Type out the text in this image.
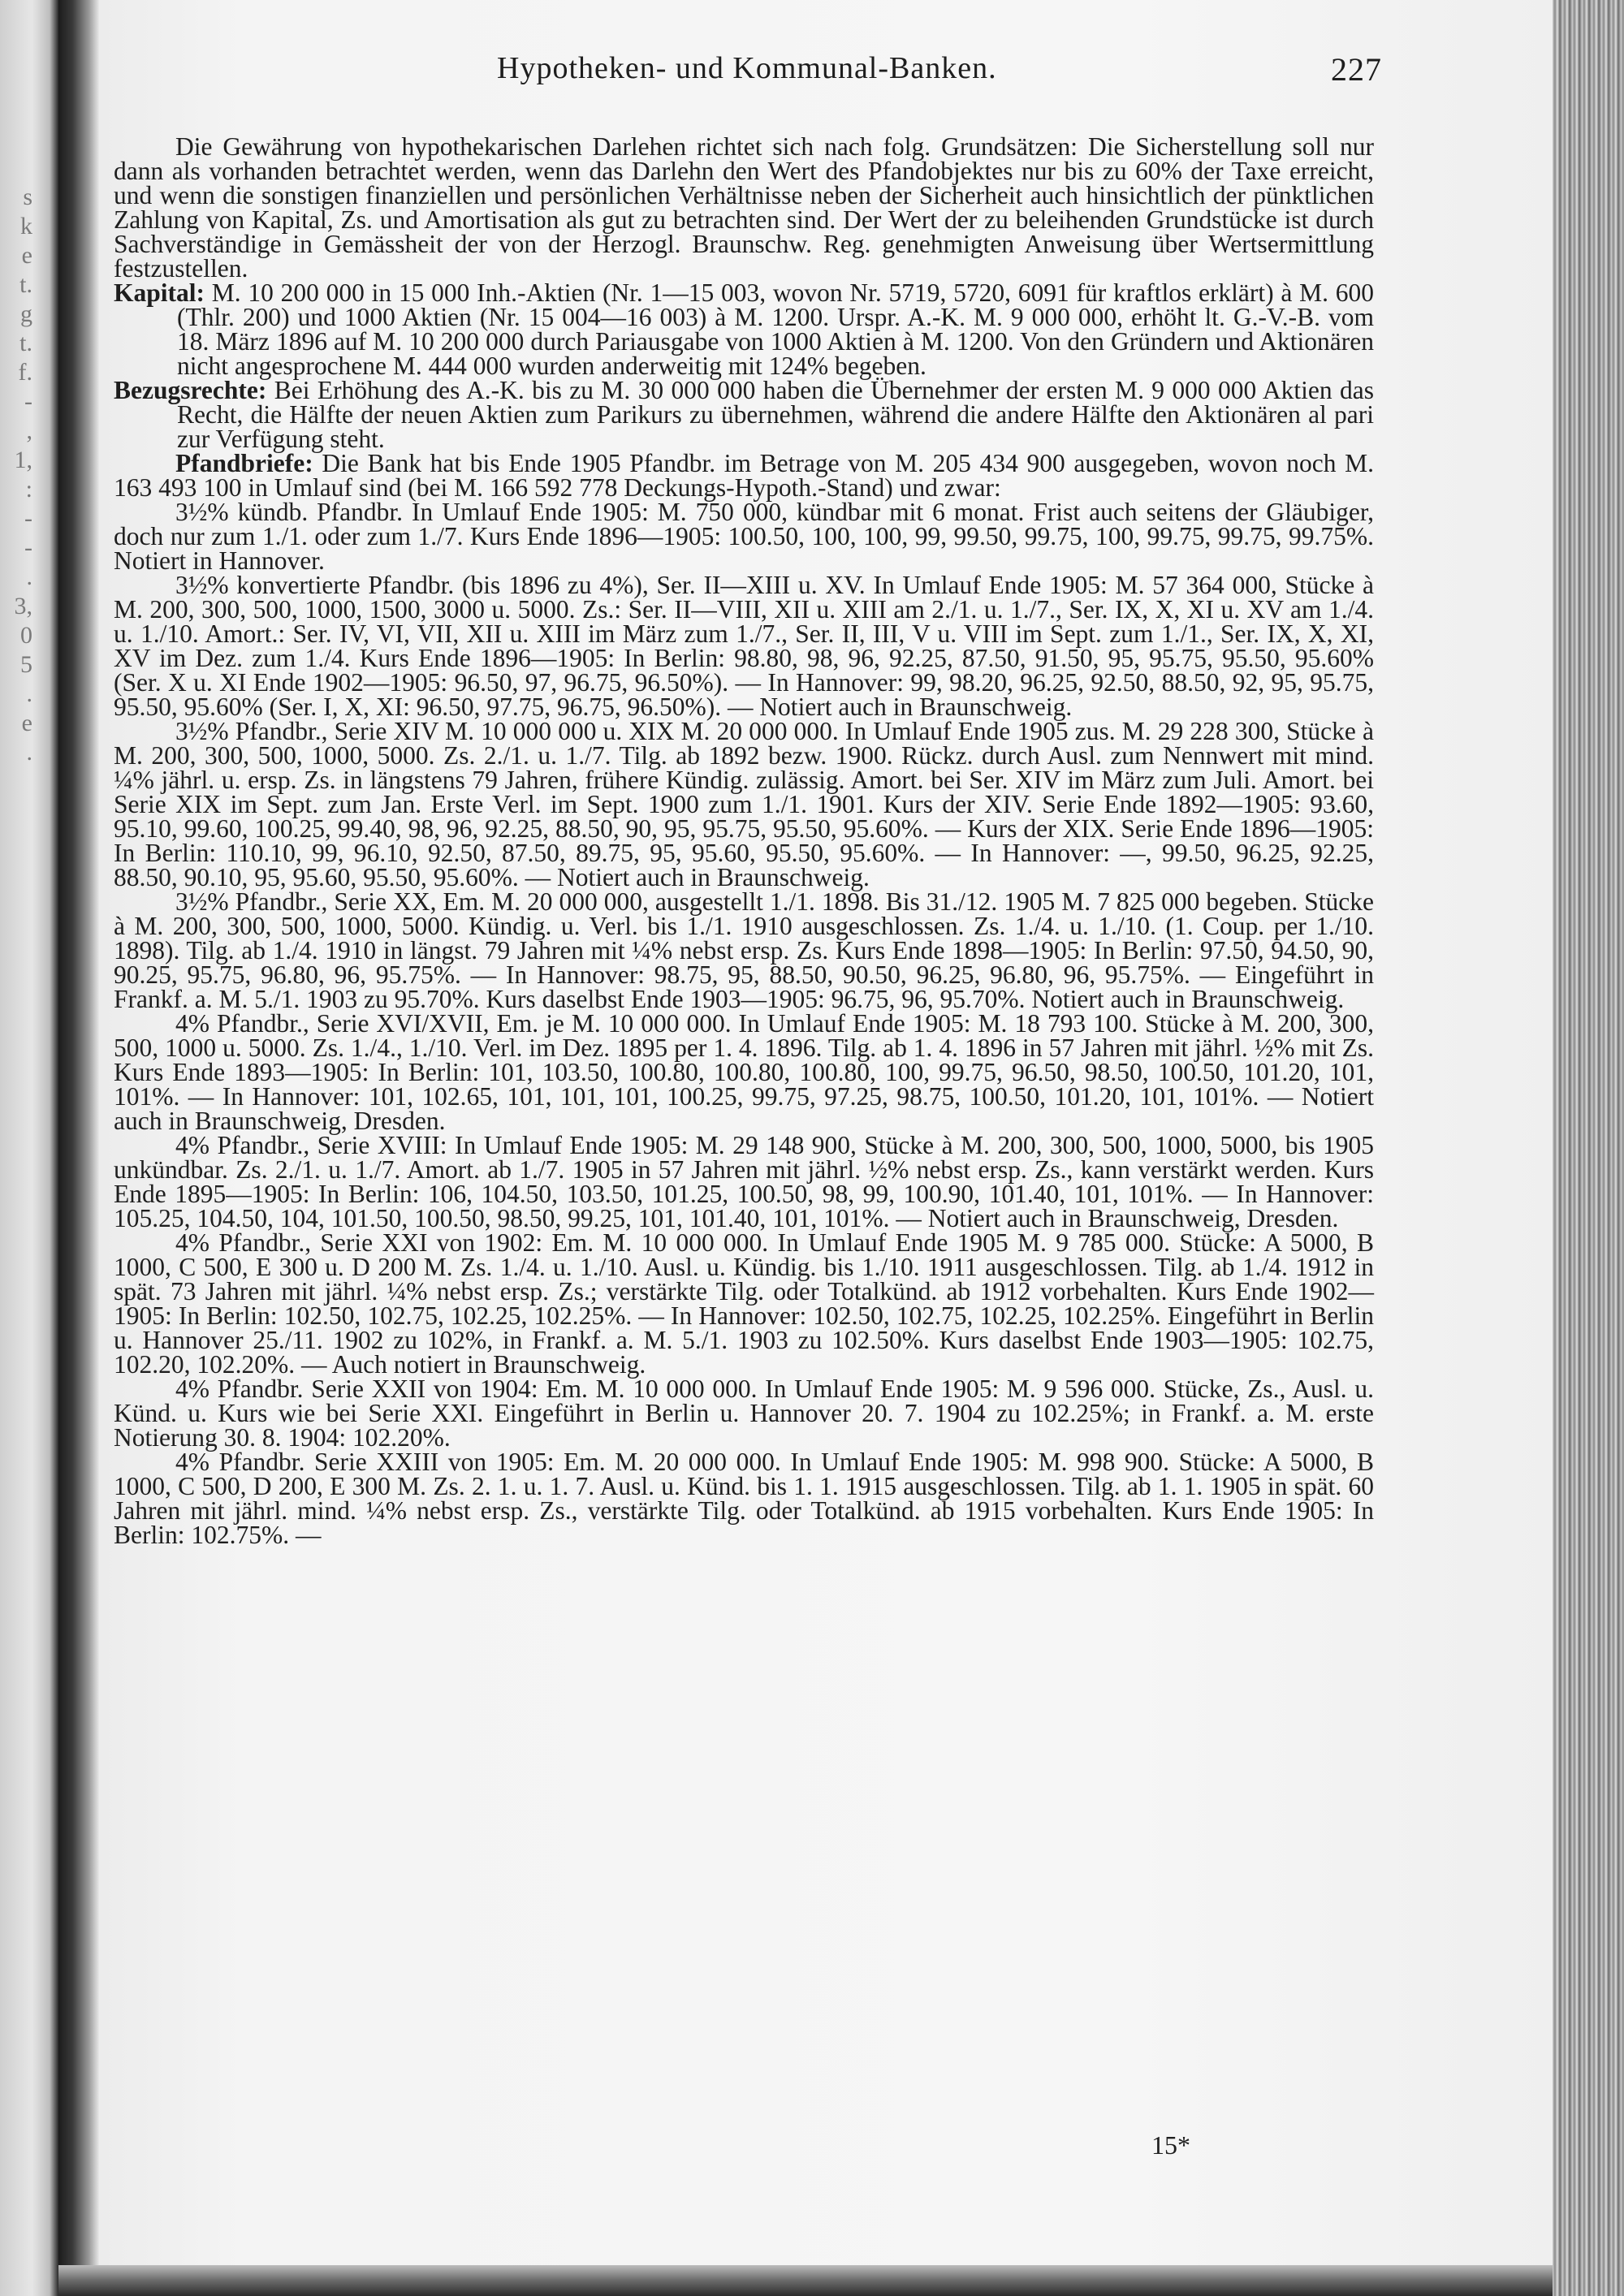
s
k
e
t.
g
t.
f.
-
,
1,
:
-
-
.
3,
0
5
.
e
.
Hypotheken- und Kommunal-Banken.	227

Die Gewährung von hypothekarischen Darlehen richtet sich nach folg. Grundsätzen: Die Sicherstellung soll nur dann als vorhanden betrachtet werden, wenn das Darlehn den Wert des Pfandobjektes nur bis zu 60% der Taxe erreicht, und wenn die sonstigen finanziellen und persönlichen Verhältnisse neben der Sicherheit auch hinsichtlich der pünktlichen Zahlung von Kapital, Zs. und Amortisation als gut zu betrachten sind. Der Wert der zu beleihenden Grundstücke ist durch Sachverständige in Gemässheit der von der Herzogl. Braunschw. Reg. genehmigten Anweisung über Wertsermittlung festzustellen.

Kapital: M. 10 200 000 in 15 000 Inh.-Aktien (Nr. 1—15 003, wovon Nr. 5719, 5720, 6091 für kraftlos erklärt) à M. 600 (Thlr. 200) und 1000 Aktien (Nr. 15 004—16 003) à M. 1200. Urspr. A.-K. M. 9 000 000, erhöht lt. G.-V.-B. vom 18. März 1896 auf M. 10 200 000 durch Pariausgabe von 1000 Aktien à M. 1200. Von den Gründern und Aktionären nicht angesprochene M. 444 000 wurden anderweitig mit 124% begeben.

Bezugsrechte: Bei Erhöhung des A.-K. bis zu M. 30 000 000 haben die Übernehmer der ersten M. 9 000 000 Aktien das Recht, die Hälfte der neuen Aktien zum Parikurs zu übernehmen, während die andere Hälfte den Aktionären al pari zur Verfügung steht.

Pfandbriefe: Die Bank hat bis Ende 1905 Pfandbr. im Betrage von M. 205 434 900 ausgegeben, wovon noch M. 163 493 100 in Umlauf sind (bei M. 166 592 778 Deckungs-Hypoth.-Stand) und zwar:

3½% kündb. Pfandbr. In Umlauf Ende 1905: M. 750 000, kündbar mit 6 monat. Frist auch seitens der Gläubiger, doch nur zum 1./1. oder zum 1./7. Kurs Ende 1896—1905: 100.50, 100, 100, 99, 99.50, 99.75, 100, 99.75, 99.75, 99.75%. Notiert in Hannover.

3½% konvertierte Pfandbr. (bis 1896 zu 4%), Ser. II—XIII u. XV. In Umlauf Ende 1905: M. 57 364 000, Stücke à M. 200, 300, 500, 1000, 1500, 3000 u. 5000. Zs.: Ser. II—VIII, XII u. XIII am 2./1. u. 1./7., Ser. IX, X, XI u. XV am 1./4. u. 1./10. Amort.: Ser. IV, VI, VII, XII u. XIII im März zum 1./7., Ser. II, III, V u. VIII im Sept. zum 1./1., Ser. IX, X, XI, XV im Dez. zum 1./4. Kurs Ende 1896—1905: In Berlin: 98.80, 98, 96, 92.25, 87.50, 91.50, 95, 95.75, 95.50, 95.60% (Ser. X u. XI Ende 1902—1905: 96.50, 97, 96.75, 96.50%). — In Hannover: 99, 98.20, 96.25, 92.50, 88.50, 92, 95, 95.75, 95.50, 95.60% (Ser. I, X, XI: 96.50, 97.75, 96.75, 96.50%). — Notiert auch in Braunschweig.

3½% Pfandbr., Serie XIV M. 10 000 000 u. XIX M. 20 000 000. In Umlauf Ende 1905 zus. M. 29 228 300, Stücke à M. 200, 300, 500, 1000, 5000. Zs. 2./1. u. 1./7. Tilg. ab 1892 bezw. 1900. Rückz. durch Ausl. zum Nennwert mit mind. ¼% jährl. u. ersp. Zs. in längstens 79 Jahren, frühere Kündig. zulässig. Amort. bei Ser. XIV im März zum Juli. Amort. bei Serie XIX im Sept. zum Jan. Erste Verl. im Sept. 1900 zum 1./1. 1901. Kurs der XIV. Serie Ende 1892—1905: 93.60, 95.10, 99.60, 100.25, 99.40, 98, 96, 92.25, 88.50, 90, 95, 95.75, 95.50, 95.60%. — Kurs der XIX. Serie Ende 1896—1905: In Berlin: 110.10, 99, 96.10, 92.50, 87.50, 89.75, 95, 95.60, 95.50, 95.60%. — In Hannover: —, 99.50, 96.25, 92.25, 88.50, 90.10, 95, 95.60, 95.50, 95.60%. — Notiert auch in Braunschweig.

3½% Pfandbr., Serie XX, Em. M. 20 000 000, ausgestellt 1./1. 1898. Bis 31./12. 1905 M. 7 825 000 begeben. Stücke à M. 200, 300, 500, 1000, 5000. Kündig. u. Verl. bis 1./1. 1910 ausgeschlossen. Zs. 1./4. u. 1./10. (1. Coup. per 1./10. 1898). Tilg. ab 1./4. 1910 in längst. 79 Jahren mit ¼% nebst ersp. Zs. Kurs Ende 1898—1905: In Berlin: 97.50, 94.50, 90, 90.25, 95.75, 96.80, 96, 95.75%. — In Hannover: 98.75, 95, 88.50, 90.50, 96.25, 96.80, 96, 95.75%. — Eingeführt in Frankf. a. M. 5./1. 1903 zu 95.70%. Kurs daselbst Ende 1903—1905: 96.75, 96, 95.70%. Notiert auch in Braunschweig.

4% Pfandbr., Serie XVI/XVII, Em. je M. 10 000 000. In Umlauf Ende 1905: M. 18 793 100. Stücke à M. 200, 300, 500, 1000 u. 5000. Zs. 1./4., 1./10. Verl. im Dez. 1895 per 1. 4. 1896. Tilg. ab 1. 4. 1896 in 57 Jahren mit jährl. ½% mit Zs. Kurs Ende 1893—1905: In Berlin: 101, 103.50, 100.80, 100.80, 100.80, 100, 99.75, 96.50, 98.50, 100.50, 101.20, 101, 101%. — In Hannover: 101, 102.65, 101, 101, 101, 100.25, 99.75, 97.25, 98.75, 100.50, 101.20, 101, 101%. — Notiert auch in Braunschweig, Dresden.

4% Pfandbr., Serie XVIII: In Umlauf Ende 1905: M. 29 148 900, Stücke à M. 200, 300, 500, 1000, 5000, bis 1905 unkündbar. Zs. 2./1. u. 1./7. Amort. ab 1./7. 1905 in 57 Jahren mit jährl. ½% nebst ersp. Zs., kann verstärkt werden. Kurs Ende 1895—1905: In Berlin: 106, 104.50, 103.50, 101.25, 100.50, 98, 99, 100.90, 101.40, 101, 101%. — In Hannover: 105.25, 104.50, 104, 101.50, 100.50, 98.50, 99.25, 101, 101.40, 101, 101%. — Notiert auch in Braunschweig, Dresden.

4% Pfandbr., Serie XXI von 1902: Em. M. 10 000 000. In Umlauf Ende 1905 M. 9 785 000. Stücke: A 5000, B 1000, C 500, E 300 u. D 200 M. Zs. 1./4. u. 1./10. Ausl. u. Kündig. bis 1./10. 1911 ausgeschlossen. Tilg. ab 1./4. 1912 in spät. 73 Jahren mit jährl. ¼% nebst ersp. Zs.; verstärkte Tilg. oder Totalkünd. ab 1912 vorbehalten. Kurs Ende 1902—1905: In Berlin: 102.50, 102.75, 102.25, 102.25%. — In Hannover: 102.50, 102.75, 102.25, 102.25%. Eingeführt in Berlin u. Hannover 25./11. 1902 zu 102%, in Frankf. a. M. 5./1. 1903 zu 102.50%. Kurs daselbst Ende 1903—1905: 102.75, 102.20, 102.20%. — Auch notiert in Braunschweig.

4% Pfandbr. Serie XXII von 1904: Em. M. 10 000 000. In Umlauf Ende 1905: M. 9 596 000. Stücke, Zs., Ausl. u. Künd. u. Kurs wie bei Serie XXI. Eingeführt in Berlin u. Hannover 20. 7. 1904 zu 102.25%; in Frankf. a. M. erste Notierung 30. 8. 1904: 102.20%.

4% Pfandbr. Serie XXIII von 1905: Em. M. 20 000 000. In Umlauf Ende 1905: M. 998 900. Stücke: A 5000, B 1000, C 500, D 200, E 300 M. Zs. 2. 1. u. 1. 7. Ausl. u. Künd. bis 1. 1. 1915 ausgeschlossen. Tilg. ab 1. 1. 1905 in spät. 60 Jahren mit jährl. mind. ¼% nebst ersp. Zs., verstärkte Tilg. oder Totalkünd. ab 1915 vorbehalten. Kurs Ende 1905: In Berlin: 102.75%. —

15*
